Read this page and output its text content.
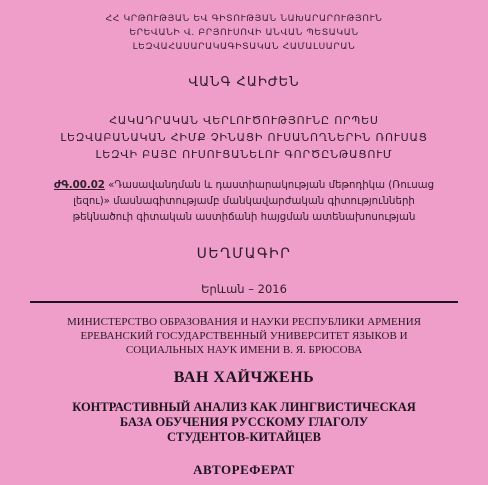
ՀՀ ԿՐԹՈՒԹՅԱՆ ԵՎ ԳԻՏՈՒԹՅԱՆ ՆԱԽԱՐԱՐՈՒԹՅՈՒՆ
ԵՐԵՎԱՆԻ Վ. ԲՐՅՈՒՍՈՎԻ ԱՆՎԱՆ ՊԵՏԱԿԱՆ
ԼԵԶՎԱՀԱՍԱՐԱԿԱԳԻՏԱԿԱՆ ՀԱՄԱԼՍԱՐԱՆ
ՎԱՆԳ ՀԱԻԺԵՆ
ՀԱԿԱԴՐԱԿԱՆ ՎԵՐԼՈՒԾՈՒԹՅՈՒՆԸ ՈՐՊԵՍ
ԼԵԶՎԱԲԱՆԱԿԱՆ ՀԻՄՔ ՉԻՆԱՑԻ ՈՒՍԱՆՈՂՆԵՐԻՆ ՌՈՒՍԱՑ
ԼԵԶՎԻ ԲԱՅԸ ՈՒՍՈՒՑԱՆԵԼՈՒ ԳՈՐԾԸՆԹԱՑՈՒՄ
ԺԳ.00.02 «Դասավանդման և դաստիարակության մեթոդիկա (Ռուսաց
լեզու)» մասնագիտությամբ մանկավարժական գիտությունների
թեկնածուի գիտական աստիճանի հայցման ատենախոսության
ՍԵՂՄԱԳԻՐ
Երևան – 2016
МИНИСТЕРСТВО ОБРАЗОВАНИЯ И НАУКИ РЕСПУБЛИКИ АРМЕНИЯ
ЕРЕВАНСКИЙ ГОСУДАРСТВЕННЫЙ УНИВЕРСИТЕТ ЯЗЫКОВ И
СОЦИАЛЬНЫХ НАУК ИМЕНИ В. Я. БРЮСОВА
ВАН ХАЙЧЖЕНЬ
КОНТРАСТИВНЫЙ АНАЛИЗ КАК ЛИНГВИСТИЧЕСКАЯ
БАЗА ОБУЧЕНИЯ РУССКОМУ ГЛАГОЛУ
СТУДЕНТОВ-КИТАЙЦЕВ
АВТОРЕФЕРАТ
